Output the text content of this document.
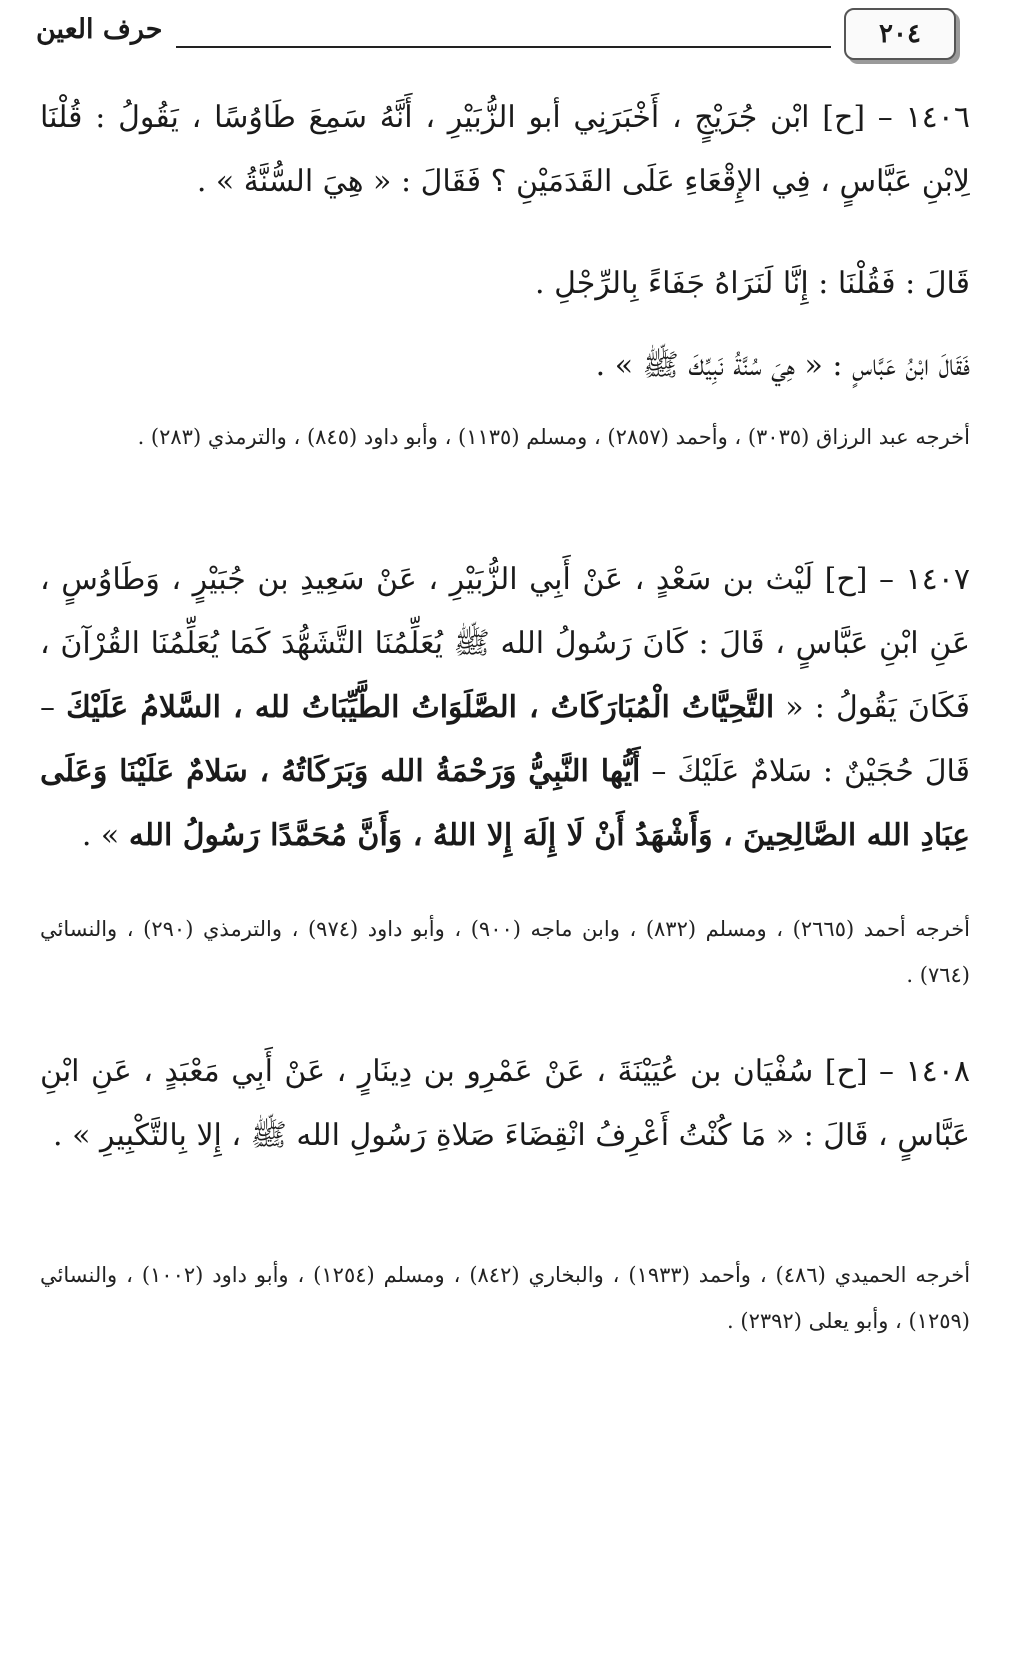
٢٠٤
حرف العين

١٤٠٦ – [ح] ابْن جُرَيْجٍ ، أَخْبَرَنِي أبو الزُّبَيْرِ ، أَنَّهُ سَمِعَ طَاوُسًا ، يَقُولُ : قُلْنَا لِابْنِ عَبَّاسٍ ، فِي الإِقْعَاءِ عَلَى القَدَمَيْنِ ؟ فَقَالَ : « هِيَ السُّنَّةُ » .

قَالَ : فَقُلْنَا : إِنَّا لَنَرَاهُ جَفَاءً بِالرِّجْلِ .

فَقَالَ ابْنُ عَبَّاسٍ : « هِيَ سُنَّةُ نَبِيِّكَ ﷺ » .

أخرجه عبد الرزاق (٣٠٣٥) ، وأحمد (٢٨٥٧) ، ومسلم (١١٣٥) ، وأبو داود (٨٤٥) ، والترمذي (٢٨٣) .

١٤٠٧ – [ح] لَيْث بن سَعْدٍ ، عَنْ أَبِي الزُّبَيْرِ ، عَنْ سَعِيدِ بن جُبَيْرٍ ، وَطَاوُسٍ ، عَنِ ابْنِ عَبَّاسٍ ، قَالَ : كَانَ رَسُولُ الله ﷺ يُعَلِّمُنَا التَّشَهُّدَ كَمَا يُعَلِّمُنَا القُرْآنَ ، فَكَانَ يَقُولُ : « التَّحِيَّاتُ الْمُبَارَكَاتُ ، الصَّلَوَاتُ الطَّيِّبَاتُ لله ، السَّلامُ عَلَيْكَ – قَالَ حُجَيْنٌ : سَلامٌ عَلَيْكَ – أَيُّها النَّبِيُّ وَرَحْمَةُ الله وَبَرَكَاتُهُ ، سَلامٌ عَلَيْنَا وَعَلَى عِبَادِ الله الصَّالِحِينَ ، وَأَشْهَدُ أَنْ لَا إِلَهَ إِلا اللهُ ، وَأَنَّ مُحَمَّدًا رَسُولُ الله » .

أخرجه أحمد (٢٦٦٥) ، ومسلم (٨٣٢) ، وابن ماجه (٩٠٠) ، وأبو داود (٩٧٤) ، والترمذي (٢٩٠) ، والنسائي (٧٦٤) .

١٤٠٨ – [ح] سُفْيَان بن عُيَيْنَةَ ، عَنْ عَمْرِو بن دِينَارٍ ، عَنْ أَبِي مَعْبَدٍ ، عَنِ ابْنِ عَبَّاسٍ ، قَالَ : « مَا كُنْتُ أَعْرِفُ انْقِضَاءَ صَلاةِ رَسُولِ الله ﷺ ، إِلا بِالتَّكْبِيرِ » .

أخرجه الحميدي (٤٨٦) ، وأحمد (١٩٣٣) ، والبخاري (٨٤٢) ، ومسلم (١٢٥٤) ، وأبو داود (١٠٠٢) ، والنسائي (١٢٥٩) ، وأبو يعلى (٢٣٩٢) .
